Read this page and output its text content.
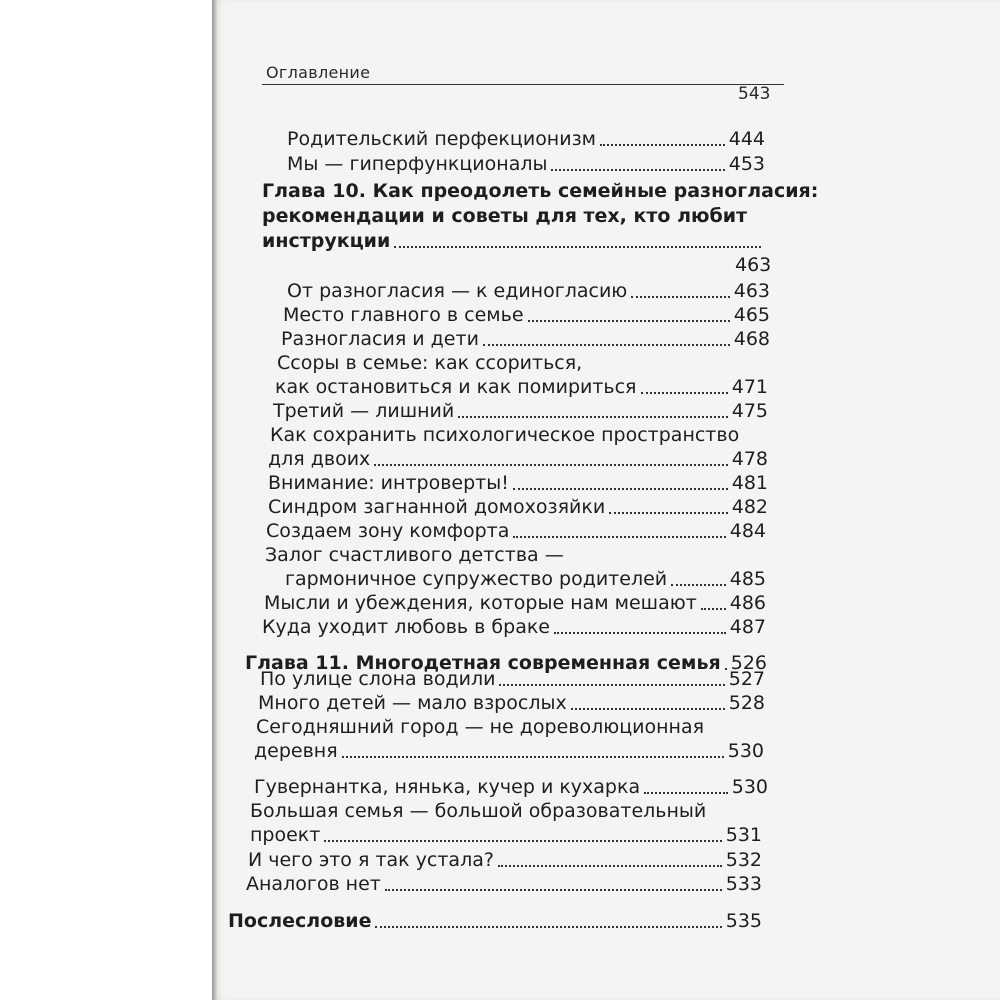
Оглавление
543
Родительский перфекционизм	444
Мы — гиперфункционалы	453
Глава 10. Как преодолеть семейные разногласия:
рекомендации и советы для тех, кто любит
инструкции
463
От разногласия — к единогласию	463
Место главного в семье	465
Разногласия и дети	468
Ссоры в семье: как ссориться,
как остановиться и как помириться	471
Третий — лишний	475
Как сохранить психологическое пространство
для двоих	478
Внимание: интроверты!	481
Синдром загнанной домохозяйки	482
Создаем зону комфорта	484
Залог счастливого детства —
гармоничное супружество родителей	485
Мысли и убеждения, которые нам мешают 486
Куда уходит любовь в браке	487
Глава 11. Многодетная современная семья 526
По улице слона водили	527
Много детей — мало взрослых	528
Сегодняшний город — не дореволюционная
деревня	530
Гувернантка, нянька, кучер и кухарка	530
Большая семья — большой образовательный
проект	531
И чего это я так устала?	532
Аналогов нет	533
Послесловие	535
